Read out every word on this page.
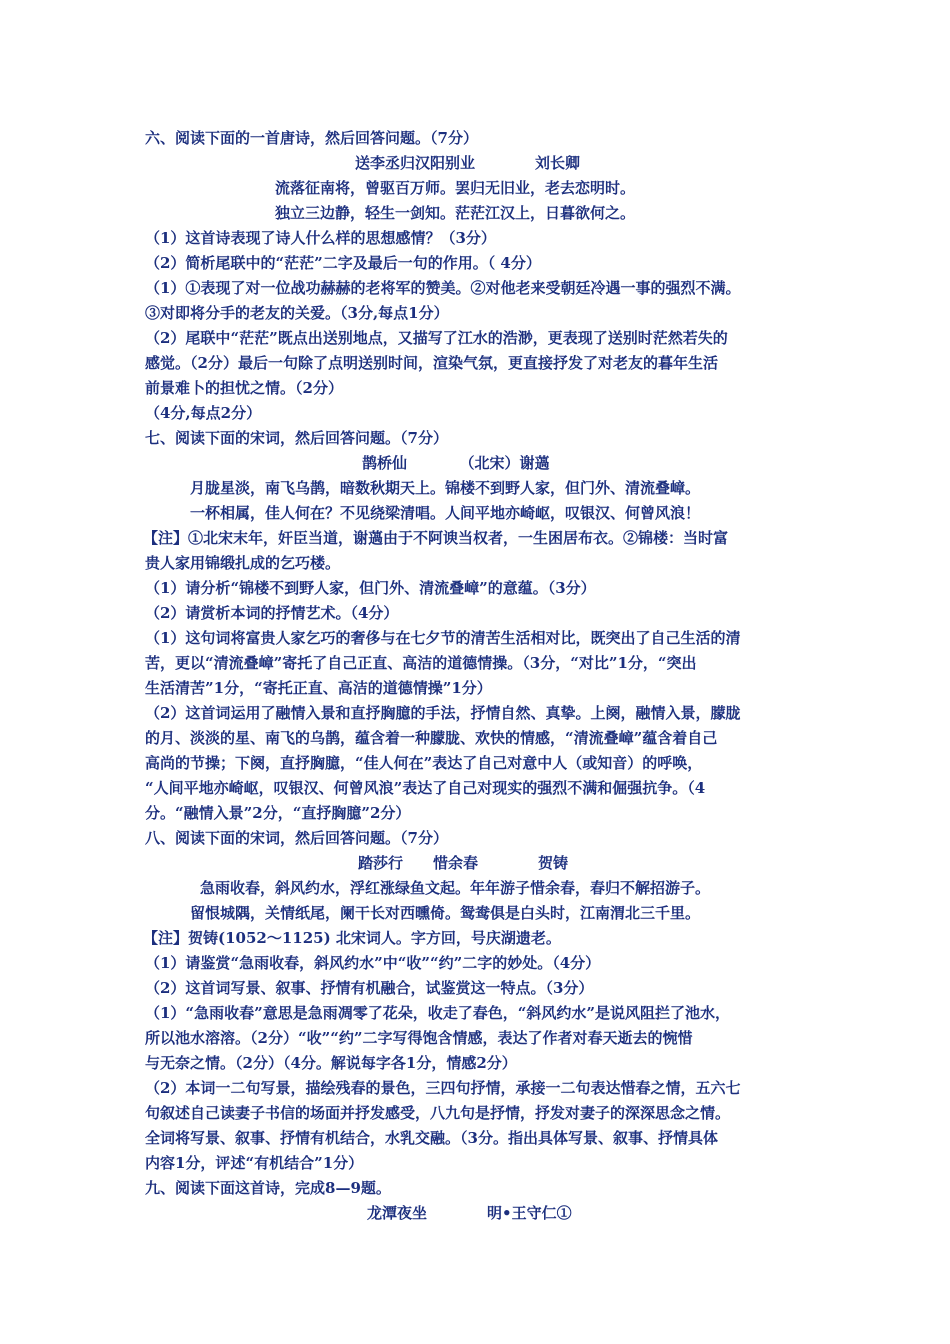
六、阅读下面的一首唐诗，然后回答问题。（7分）
送李丞归汉阳别业　　　　刘长卿
流落征南将，曾驱百万师。罢归无旧业，老去恋明时。
独立三边静，轻生一剑知。茫茫江汉上，日暮欲何之。
（1）这首诗表现了诗人什么样的思想感情？（3分）
（2）简析尾联中的“茫茫”二字及最后一句的作用。（ 4分）
（1）①表现了对一位战功赫赫的老将军的赞美。②对他老来受朝廷冷遇一事的强烈不满。
③对即将分手的老友的关爱。（3分,每点1分）
（2）尾联中“茫茫”既点出送别地点，又描写了江水的浩渺，更表现了送别时茫然若失的
感觉。（2分）最后一句除了点明送别时间，渲染气氛，更直接抒发了对老友的暮年生活
前景难卜的担忧之情。（2分）
（4分,每点2分）
七、阅读下面的宋词，然后回答问题。（7分）
鹊桥仙　　　　（北宋）谢薖
月胧星淡，南飞乌鹊，暗数秋期天上。锦楼不到野人家，但门外、清流叠嶂。
一杯相属，佳人何在？不见绕梁清唱。人间平地亦崎岖，叹银汉、何曾风浪！
【注】①北宋末年，奸臣当道，谢薖由于不阿谀当权者，一生困居布衣。②锦楼：当时富
贵人家用锦缎扎成的乞巧楼。
（1）请分析“锦楼不到野人家，但门外、清流叠嶂”的意蕴。（3分）
（2）请赏析本词的抒情艺术。（4分）
（1）这句词将富贵人家乞巧的奢侈与在七夕节的清苦生活相对比，既突出了自己生活的清
苦，更以“清流叠嶂”寄托了自己正直、高洁的道德情操。（3分，“对比”1分，“突出
生活清苦”1分，“寄托正直、高洁的道德情操”1分）
（2）这首词运用了融情入景和直抒胸臆的手法，抒情自然、真挚。上阕，融情入景，朦胧
的月、淡淡的星、南飞的乌鹊，蕴含着一种朦胧、欢快的情感，“清流叠嶂”蕴含着自己
高尚的节操；下阕，直抒胸臆，“佳人何在”表达了自己对意中人（或知音）的呼唤，
“人间平地亦崎岖，叹银汉、何曾风浪”表达了自己对现实的强烈不满和倔强抗争。（4
分。“融情入景”2分，“直抒胸臆”2分）
八、阅读下面的宋词，然后回答问题。（7分）
踏莎行　　惜余春　　　　贺铸
急雨收春，斜风约水，浮红涨绿鱼文起。年年游子惜余春，春归不解招游子。
留恨城隅，关情纸尾，阑干长对西曛倚。鸳鸯俱是白头时，江南渭北三千里。
【注】贺铸(1052～1125) 北宋词人。字方回，号庆湖遗老。
（1）请鉴赏“急雨收春，斜风约水”中“收”“约”二字的妙处。（4分）
（2）这首词写景、叙事、抒情有机融合，试鉴赏这一特点。（3分）
（1）“急雨收春”意思是急雨凋零了花朵，收走了春色，“斜风约水”是说风阻拦了池水，
所以池水溶溶。（2分）“收”“约”二字写得饱含情感，表达了作者对春天逝去的惋惜
与无奈之情。（2分）（4分。解说每字各1分，情感2分）
（2）本词一二句写景，描绘残春的景色，三四句抒情，承接一二句表达惜春之情，五六七
句叙述自己读妻子书信的场面并抒发感受，八九句是抒情，抒发对妻子的深深思念之情。
全词将写景、叙事、抒情有机结合，水乳交融。（3分。指出具体写景、叙事、抒情具体
内容1分，评述“有机结合”1分）
九、阅读下面这首诗，完成8—9题。
龙潭夜坐　　　　明•王守仁①
